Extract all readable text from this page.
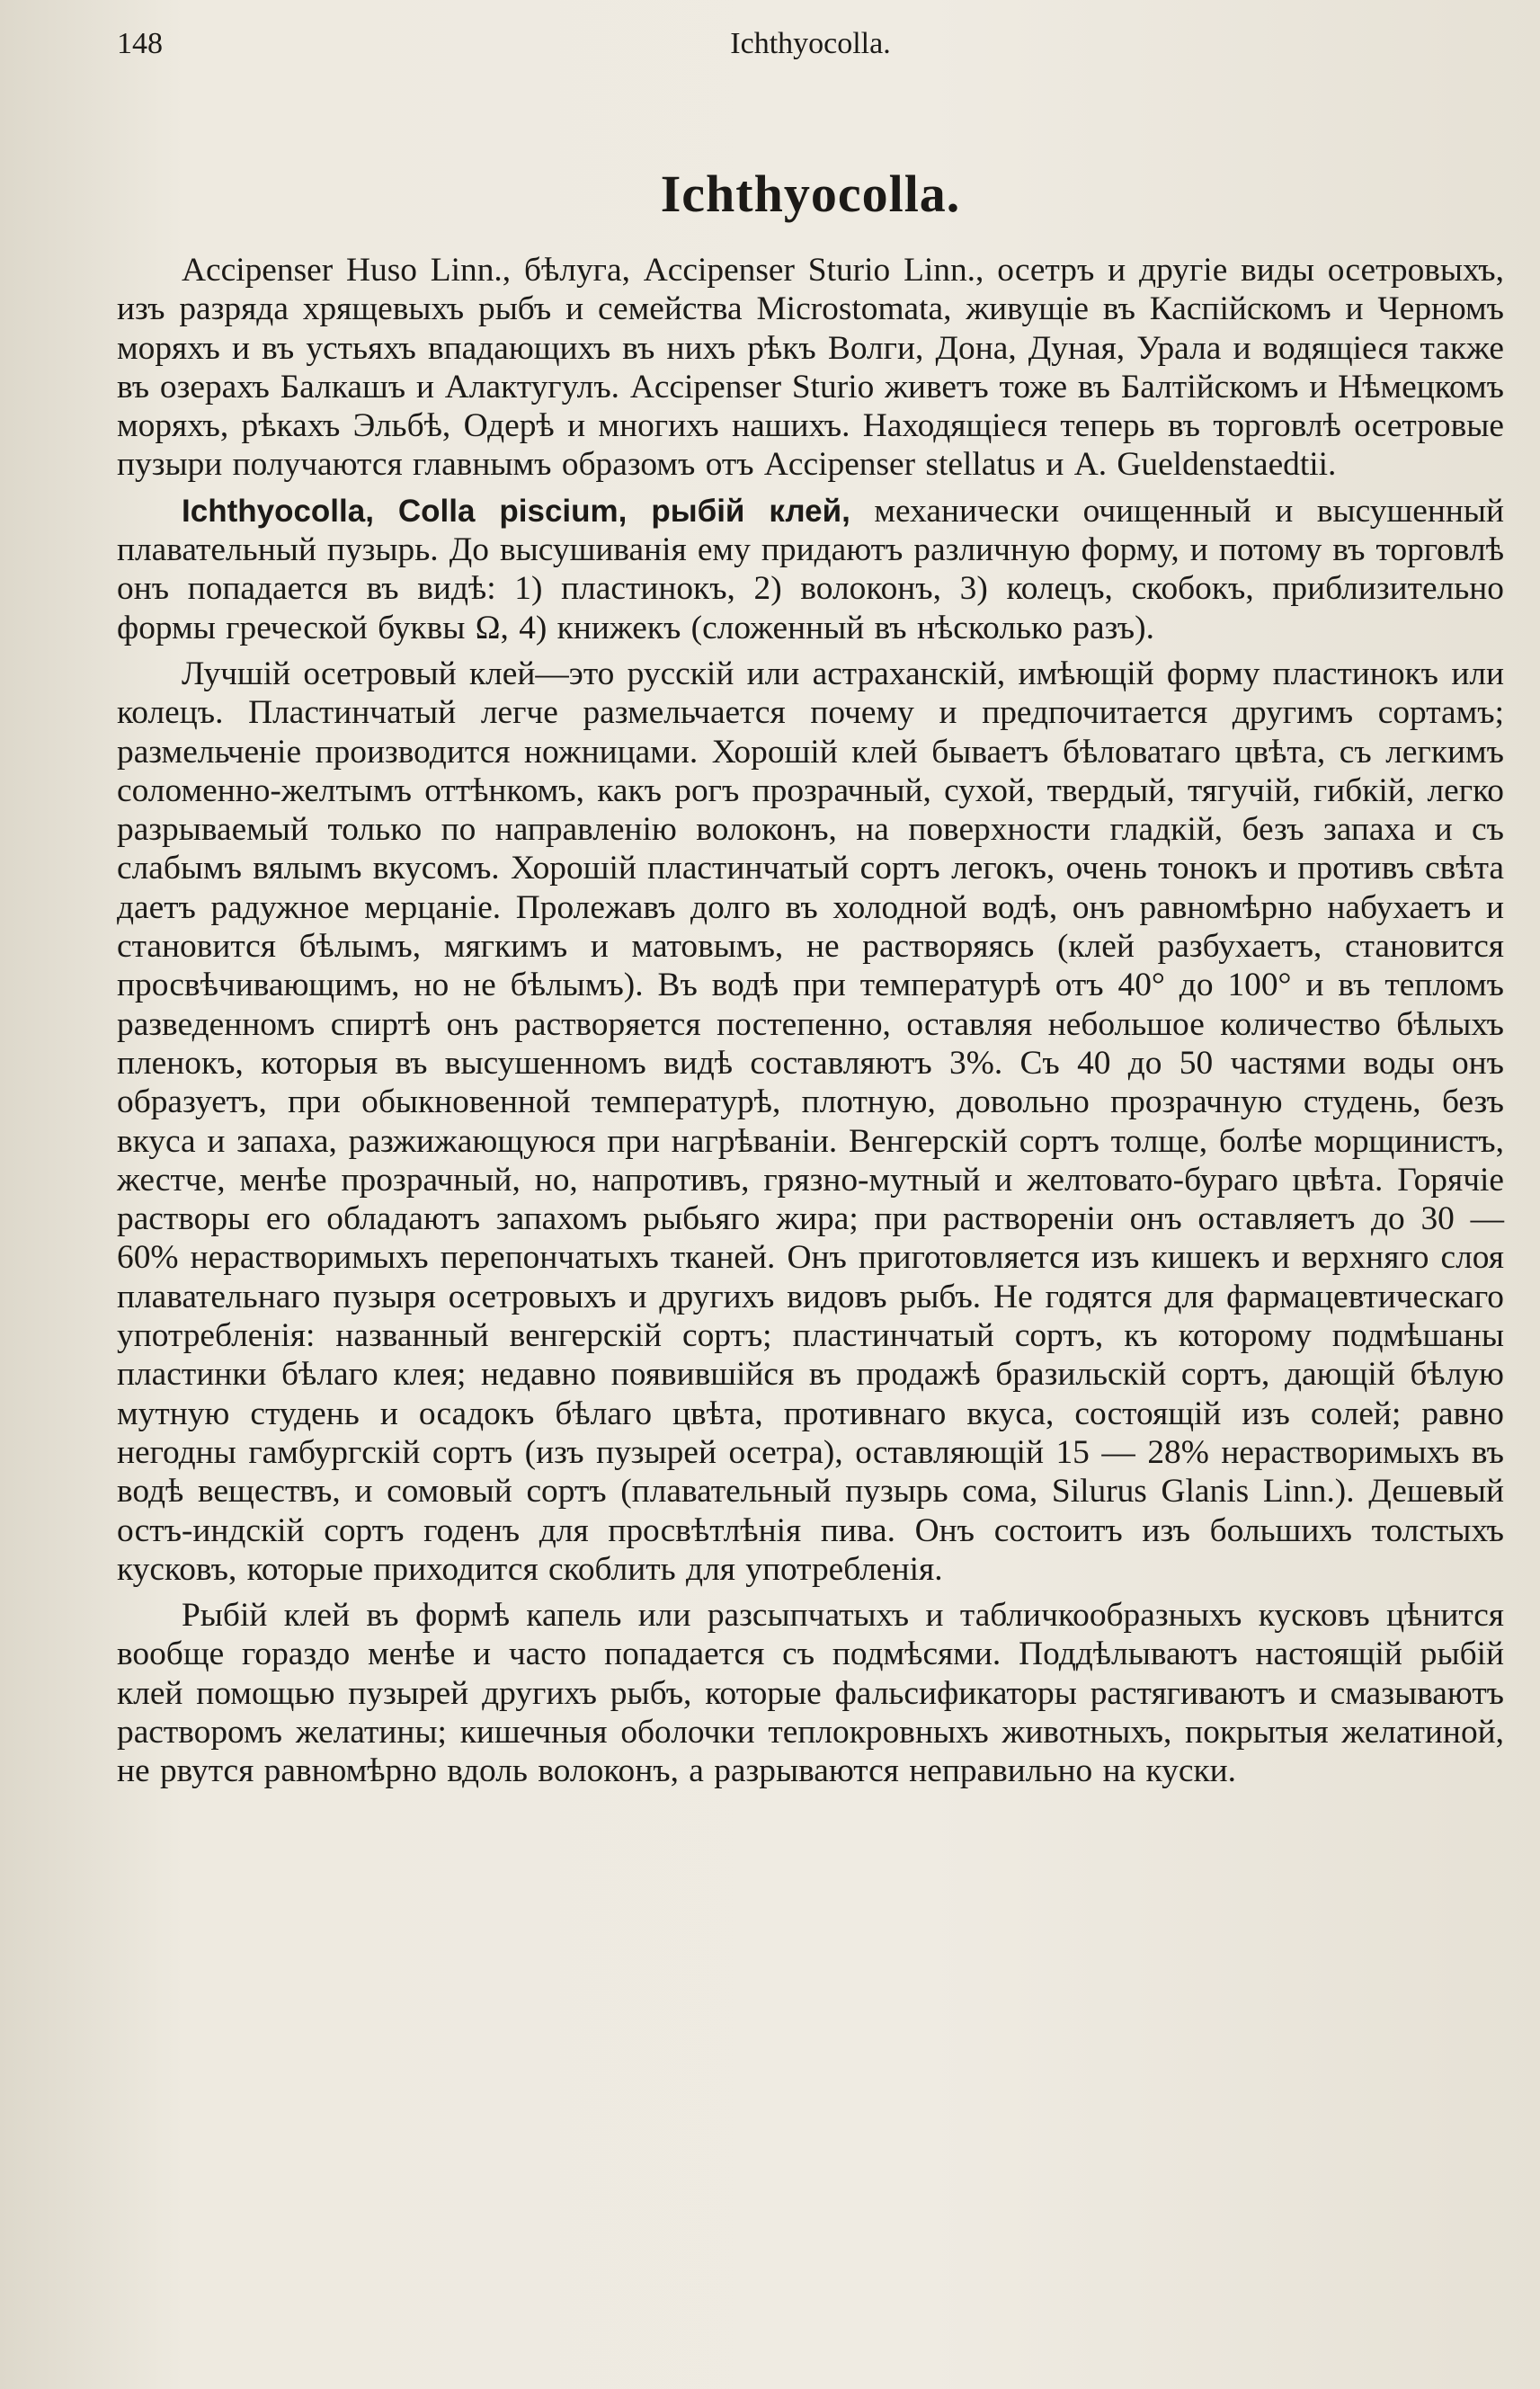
148	Ichthyocolla.
Ichthyocolla.

Accipenser Huso Linn., бѣлуга, Accipenser Sturio Linn., осетръ и другіе виды осетровыхъ, изъ разряда хрящевыхъ рыбъ и семейства Microstomata, живущіе въ Каспійскомъ и Черномъ моряхъ и въ устьяхъ впадающихъ въ нихъ рѣкъ Волги, Дона, Дуная, Урала и водящіеся также въ озерахъ Балкашъ и Алактугулъ. Accipenser Sturio живетъ тоже въ Балтійскомъ и Нѣмецкомъ моряхъ, рѣкахъ Эльбѣ, Одерѣ и многихъ нашихъ. Находящіеся теперь въ торговлѣ осетровые пузыри получаются главнымъ образомъ отъ Accipenser stellatus и A. Gueldenstaedtii.

Ichthyocolla, Colla piscium, рыбій клей, механически очищенный и высушенный плавательный пузырь. До высушиванія ему придаютъ различную форму, и потому въ торговлѣ онъ попадается въ видѣ: 1) пластинокъ, 2) волоконъ, 3) колецъ, скобокъ, приблизительно формы греческой буквы Ω, 4) книжекъ (сложенный въ нѣсколько разъ).

Лучшій осетровый клей—это русскій или астраханскій, имѣющій форму пластинокъ или колецъ. Пластинчатый легче размельчается почему и предпочитается другимъ сортамъ; размельченіе производится ножницами. Хорошій клей бываетъ бѣловатаго цвѣта, съ легкимъ соломенно-желтымъ оттѣнкомъ, какъ рогъ прозрачный, сухой, твердый, тягучій, гибкій, легко разрываемый только по направленію волоконъ, на поверхности гладкій, безъ запаха и съ слабымъ вялымъ вкусомъ. Хорошій пластинчатый сортъ легокъ, очень тонокъ и противъ свѣта даетъ радужное мерцаніе. Пролежавъ долго въ холодной водѣ, онъ равномѣрно набухаетъ и становится бѣлымъ, мягкимъ и матовымъ, не растворяясь (клей разбухаетъ, становится просвѣчивающимъ, но не бѣлымъ). Въ водѣ при температурѣ отъ 40° до 100° и въ тепломъ разведенномъ спиртѣ онъ растворяется постепенно, оставляя небольшое количество бѣлыхъ пленокъ, которыя въ высушенномъ видѣ составляютъ 3%. Съ 40 до 50 частями воды онъ образуетъ, при обыкновенной температурѣ, плотную, довольно прозрачную студень, безъ вкуса и запаха, разжижающуюся при нагрѣваніи. Венгерскій сортъ толще, болѣе морщинистъ, жестче, менѣе прозрачный, но, напротивъ, грязно-мутный и желтовато-бураго цвѣта. Горячіе растворы его обладаютъ запахомъ рыбьяго жира; при раствореніи онъ оставляетъ до 30 — 60% нерастворимыхъ перепончатыхъ тканей. Онъ приготовляется изъ кишекъ и верхняго слоя плавательнаго пузыря осетровыхъ и другихъ видовъ рыбъ. Не годятся для фармацевтическаго употребленія: названный венгерскій сортъ; пластинчатый сортъ, къ которому подмѣшаны пластинки бѣлаго клея; недавно появившійся въ продажѣ бразильскій сортъ, дающій бѣлую мутную студень и осадокъ бѣлаго цвѣта, противнаго вкуса, состоящій изъ солей; равно негодны гамбургскій сортъ (изъ пузырей осетра), оставляющій 15 — 28% нерастворимыхъ въ водѣ веществъ, и сомовый сортъ (плавательный пузырь сома, Silurus Glanis Linn.). Дешевый остъ-индскій сортъ годенъ для просвѣтлѣнія пива. Онъ состоитъ изъ большихъ толстыхъ кусковъ, которые приходится скоблить для употребленія.

Рыбій клей въ формѣ капель или разсыпчатыхъ и табличкообразныхъ кусковъ цѣнится вообще гораздо менѣе и часто попадается съ подмѣсями. Поддѣлываютъ настоящій рыбій клей помощью пузырей другихъ рыбъ, которые фальсификаторы растягиваютъ и смазываютъ растворомъ желатины; кишечныя оболочки теплокровныхъ животныхъ, покрытыя желатиной, не рвутся равномѣрно вдоль волоконъ, а разрываются неправильно на куски.
